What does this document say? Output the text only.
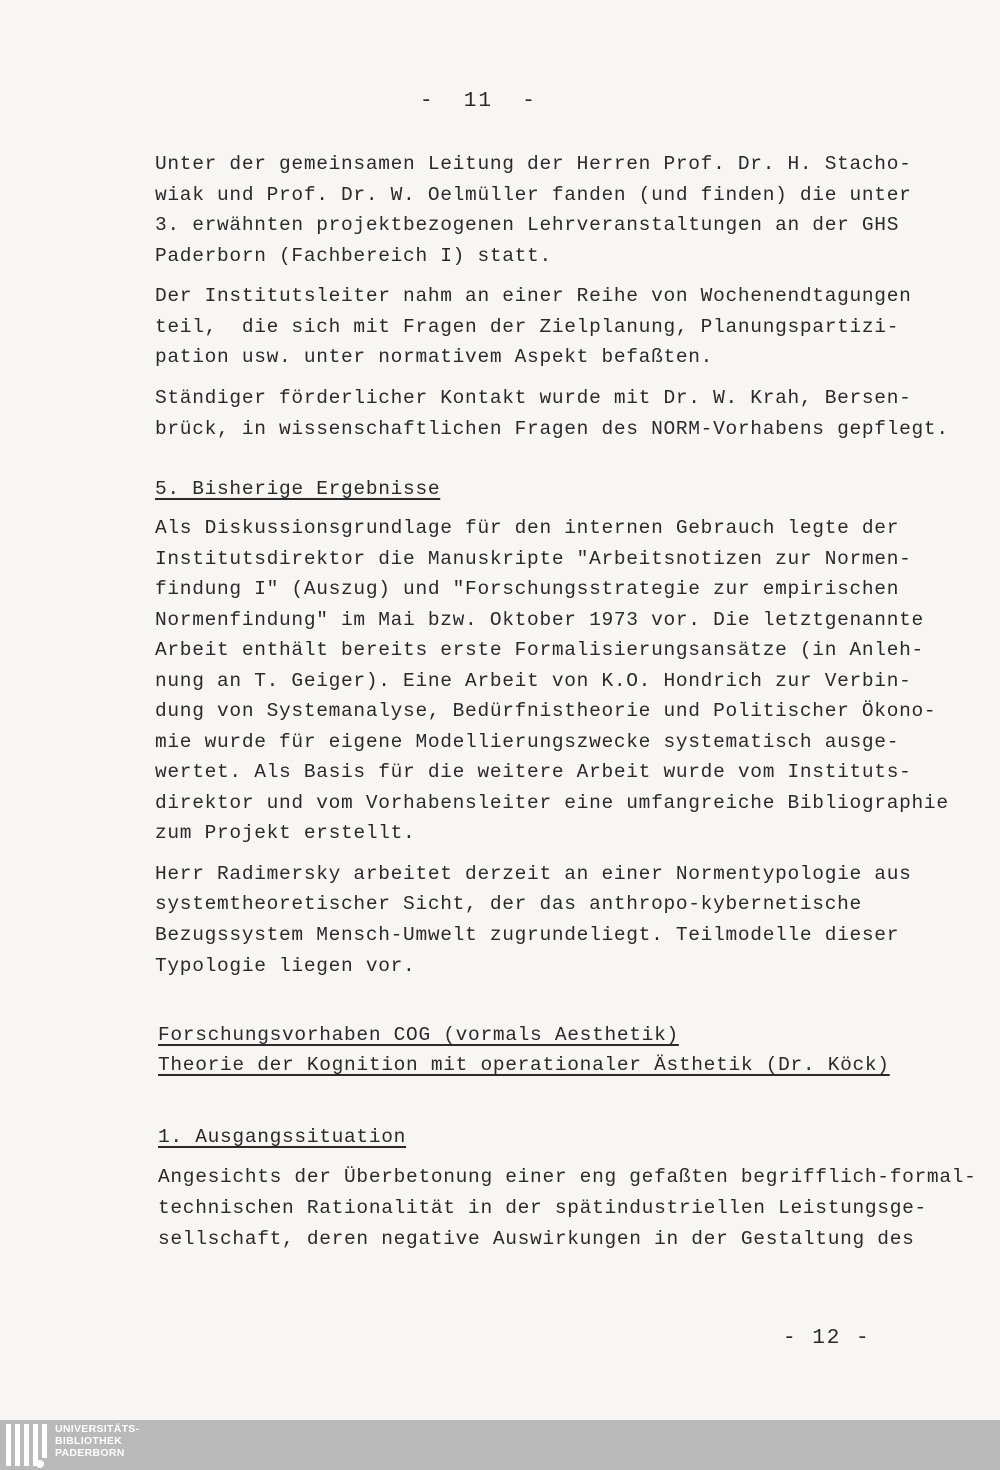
-  11  -
Unter der gemeinsamen Leitung der Herren Prof. Dr. H. Stacho-
wiak und Prof. Dr. W. Oelmüller fanden (und finden) die unter
3. erwähnten projektbezogenen Lehrveranstaltungen an der GHS
Paderborn (Fachbereich I) statt.
Der Institutsleiter nahm an einer Reihe von Wochenendtagungen
teil,  die sich mit Fragen der Zielplanung, Planungspartizi-
pation usw. unter normativem Aspekt befaßten.
Ständiger förderlicher Kontakt wurde mit Dr. W. Krah, Bersen-
brück, in wissenschaftlichen Fragen des NORM-Vorhabens gepflegt.
5. Bisherige Ergebnisse
Als Diskussionsgrundlage für den internen Gebrauch legte der
Institutsdirektor die Manuskripte "Arbeitsnotizen zur Normen-
findung I" (Auszug) und "Forschungsstrategie zur empirischen
Normenfindung" im Mai bzw. Oktober 1973 vor. Die letztgenannte
Arbeit enthält bereits erste Formalisierungsansätze (in Anleh-
nung an T. Geiger). Eine Arbeit von K.O. Hondrich zur Verbin-
dung von Systemanalyse, Bedürfnistheorie und Politischer Ökono-
mie wurde für eigene Modellierungszwecke systematisch ausge-
wertet. Als Basis für die weitere Arbeit wurde vom Instituts-
direktor und vom Vorhabensleiter eine umfangreiche Bibliographie
zum Projekt erstellt.
Herr Radimersky arbeitet derzeit an einer Normentypologie aus
systemtheoretischer Sicht, der das anthropo-kybernetische
Bezugssystem Mensch-Umwelt zugrundeliegt. Teilmodelle dieser
Typologie liegen vor.
Forschungsvorhaben COG (vormals Aesthetik)
Theorie der Kognition mit operationaler Ästhetik (Dr. Köck)
1. Ausgangssituation
Angesichts der Überbetonung einer eng gefaßten begrifflich-formal-
technischen Rationalität in der spätindustriellen Leistungsge-
sellschaft, deren negative Auswirkungen in der Gestaltung des
- 12 -
UNIVERSITÄTS-
BIBLIOTHEK
PADERBORN
